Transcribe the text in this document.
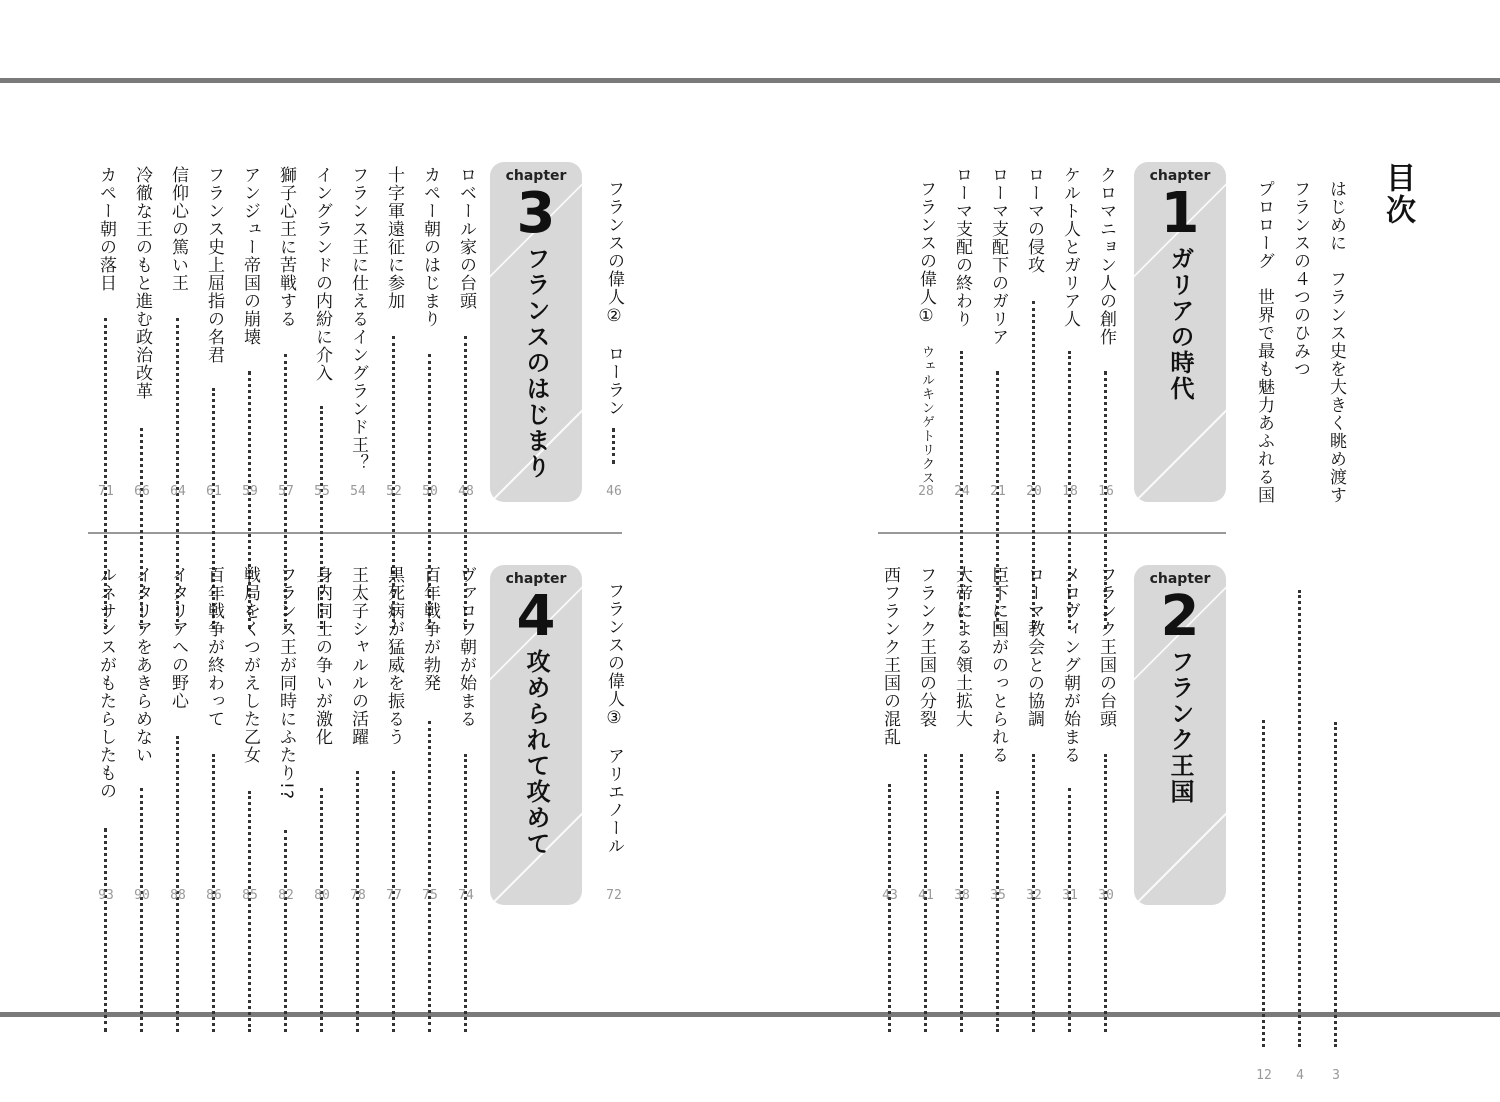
目次
はじめに　フランス史を大きく眺め渡す
3
フランスの４つのひみつ
4
プロローグ　世界で最も魅力あふれる国
12
chapter
1
ガリアの時代
クロマニョン人の創作
16
ケルト人とガリア人
18
ローマの侵攻
20
ローマ支配下のガリア
21
ローマ支配の終わり
24
フランスの偉人①　ウェルキンゲトリクス
28
chapter
2
フランク王国
フランク王国の台頭
30
メロヴィング朝が始まる
31
ローマ教会との協調
32
臣下に国がのっとられる
35
大帝による領土拡大
38
フランク王国の分裂
41
西フランク王国の混乱
43
フランスの偉人②　ローラン
46
chapter
3
フランスのはじまり
ロベール家の台頭
48
カペー朝のはじまり
50
十字軍遠征に参加
52
フランス王に仕えるイングランド王？
54
イングランドの内紛に介入
55
獅子心王に苦戦する
57
アンジュー帝国の崩壊
59
フランス史上屈指の名君
61
信仰心の篤い王
64
冷徹な王のもと進む政治改革
66
カペー朝の落日
71
フランスの偉人③　アリエノール
72
chapter
4
攻められて攻めて
ヴァロワ朝が始まる
74
百年戦争が勃発
75
黒死病が猛威を振るう
77
王太子シャルルの活躍
78
身内同士の争いが激化
80
フランス王が同時にふたり!?
82
戦局をくつがえした乙女
85
百年戦争が終わって
86
イタリアへの野心
88
イタリアをあきらめない
90
ルネサンスがもたらしたもの
93
